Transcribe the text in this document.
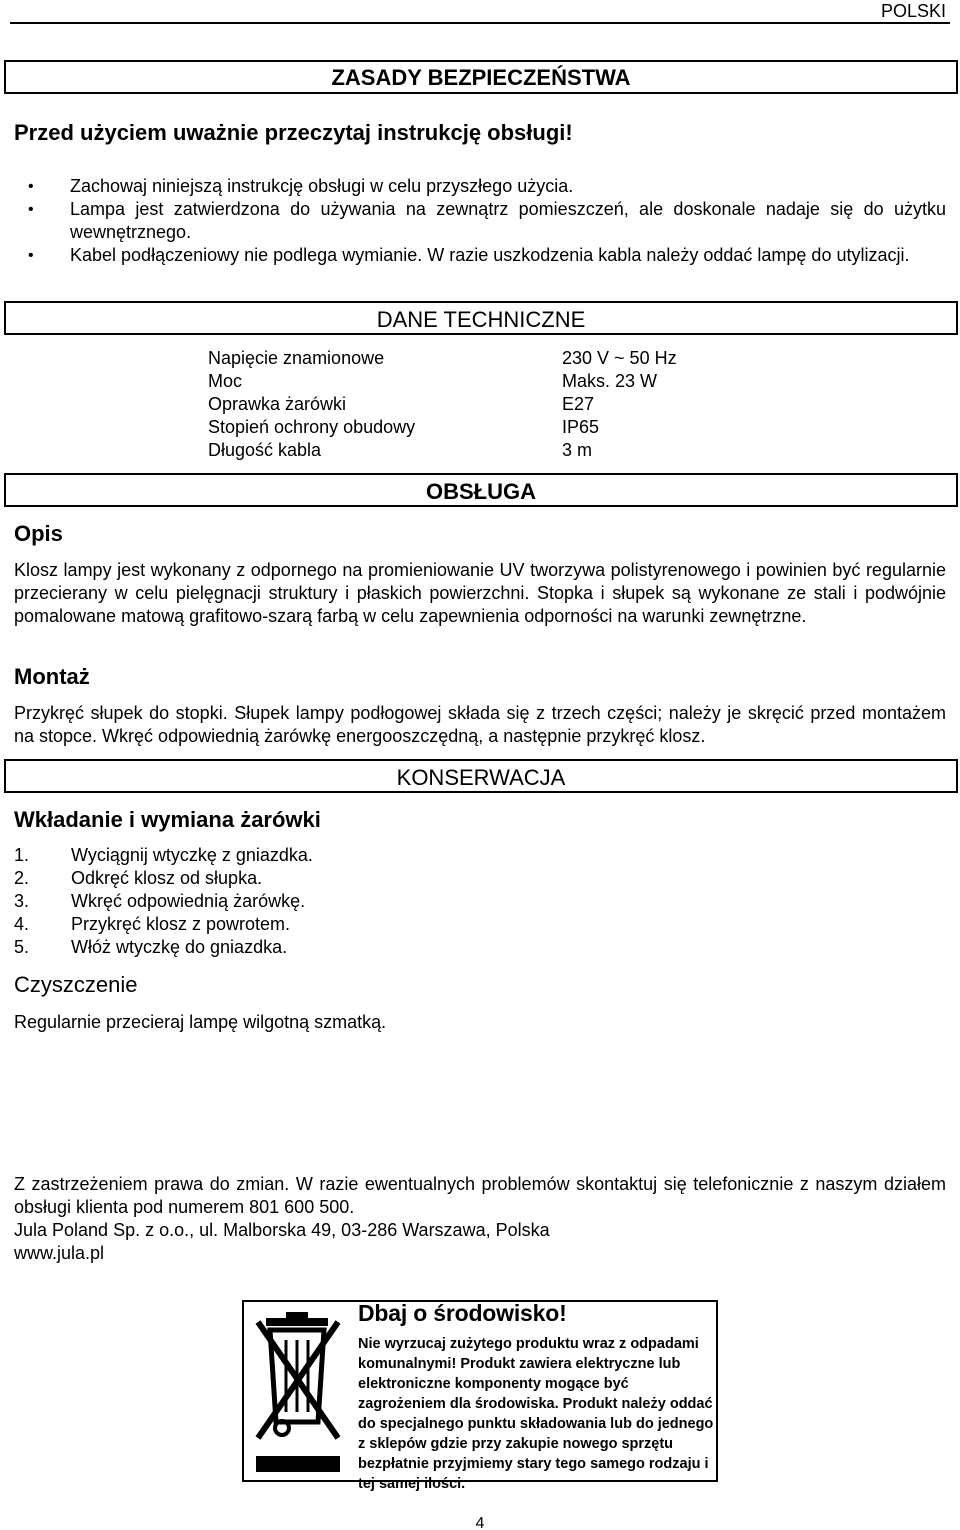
POLSKI
ZASADY BEZPIECZEŃSTWA
Przed użyciem uważnie przeczytaj instrukcję obsługi!
• Zachowaj niniejszą instrukcję obsługi w celu przyszłego użycia.
• Lampa jest zatwierdzona do używania na zewnątrz pomieszczeń, ale doskonale nadaje się do użytku wewnętrznego.
• Kabel podłączeniowy nie podlega wymianie. W razie uszkodzenia kabla należy oddać lampę do utylizacji.
DANE TECHNICZNE
Napięcie znamionowe	230 V ~ 50 Hz
Moc	Maks. 23 W
Oprawka żarówki	E27
Stopień ochrony obudowy	IP65
Długość kabla	3 m
OBSŁUGA
Opis
Klosz lampy jest wykonany z odpornego na promieniowanie UV tworzywa polistyrenowego i powinien być regularnie przecierany w celu pielęgnacji struktury i płaskich powierzchni. Stopka i słupek są wykonane ze stali i podwójnie pomalowane matową grafitowo-szarą farbą w celu zapewnienia odporności na warunki zewnętrzne.
Montaż
Przykręć słupek do stopki. Słupek lampy podłogowej składa się z trzech części; należy je skręcić przed montażem na stopce. Wkręć odpowiednią żarówkę energooszczędną, a następnie przykręć klosz.
KONSERWACJA
Wkładanie i wymiana żarówki
1.	Wyciągnij wtyczkę z gniazdka.
2.	Odkręć klosz od słupka.
3.	Wkręć odpowiednią żarówkę.
4.	Przykręć klosz z powrotem.
5.	Włóż wtyczkę do gniazdka.
Czyszczenie
Regularnie przecieraj lampę wilgotną szmatką.
Z zastrzeżeniem prawa do zmian. W razie ewentualnych problemów skontaktuj się telefonicznie z naszym działem obsługi klienta pod numerem 801 600 500.
Jula Poland Sp. z o.o., ul. Malborska 49, 03-286 Warszawa, Polska
www.jula.pl
Dbaj o środowisko!
Nie wyrzucaj zużytego produktu wraz z odpadami komunalnymi! Produkt zawiera elektryczne lub elektroniczne komponenty mogące być zagrożeniem dla środowiska. Produkt należy oddać do specjalnego punktu składowania lub do jednego z sklepów gdzie przy zakupie nowego sprzętu bezpłatnie przyjmiemy stary tego samego rodzaju i tej samej ilości.
4
